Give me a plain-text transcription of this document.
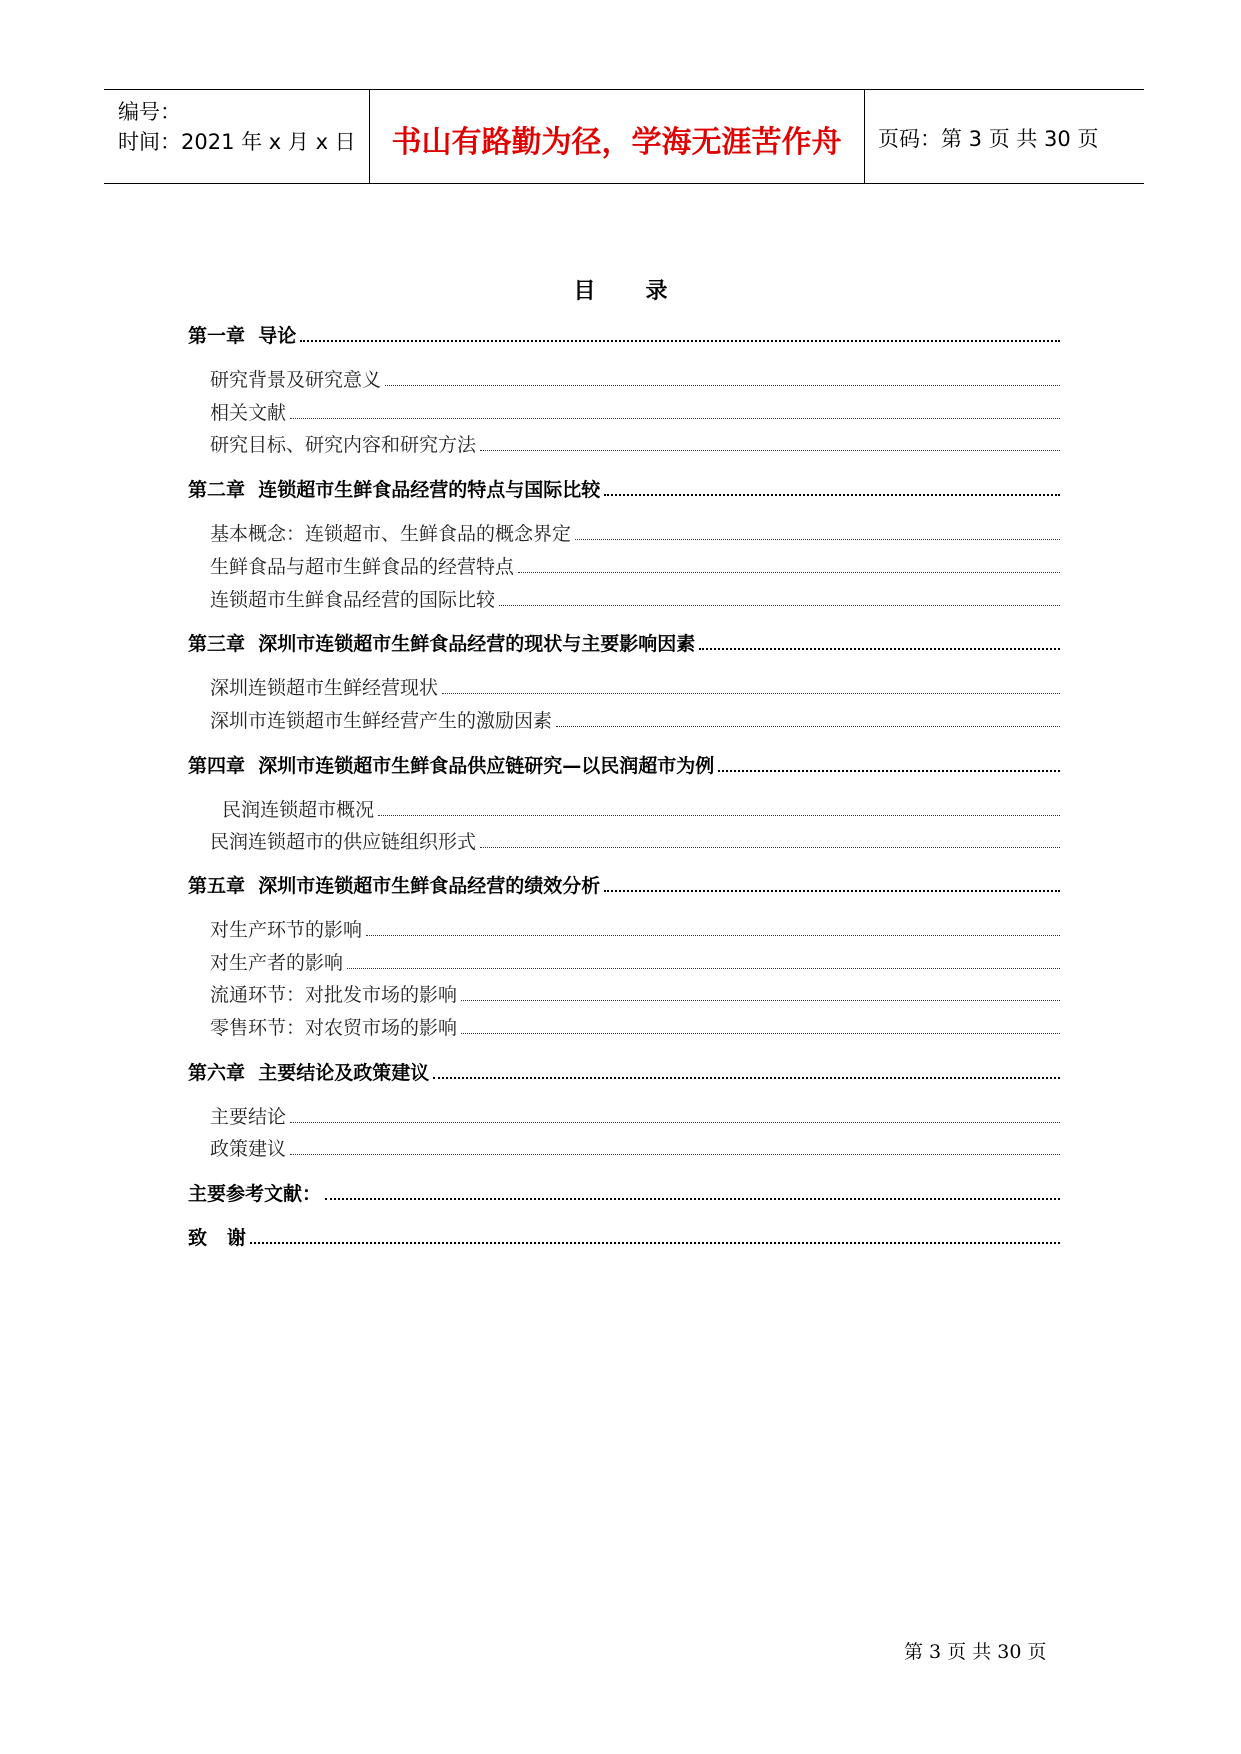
编号：
时间：2021 年 x 月 x 日	书山有路勤为径，学海无涯苦作舟	页码：第 3 页 共 30 页
目录
第一章  导论
研究背景及研究意义
相关文献
研究目标、研究内容和研究方法
第二章  连锁超市生鲜食品经营的特点与国际比较
基本概念：连锁超市、生鲜食品的概念界定
生鲜食品与超市生鲜食品的经营特点
连锁超市生鲜食品经营的国际比较
第三章  深圳市连锁超市生鲜食品经营的现状与主要影响因素
深圳连锁超市生鲜经营现状
深圳市连锁超市生鲜经营产生的激励因素
第四章  深圳市连锁超市生鲜食品供应链研究—以民润超市为例
民润连锁超市概况
民润连锁超市的供应链组织形式
第五章  深圳市连锁超市生鲜食品经营的绩效分析
对生产环节的影响
对生产者的影响
流通环节：对批发市场的影响
零售环节：对农贸市场的影响
第六章  主要结论及政策建议
主要结论
政策建议
主要参考文献：
致   谢
第 3 页 共 30 页
